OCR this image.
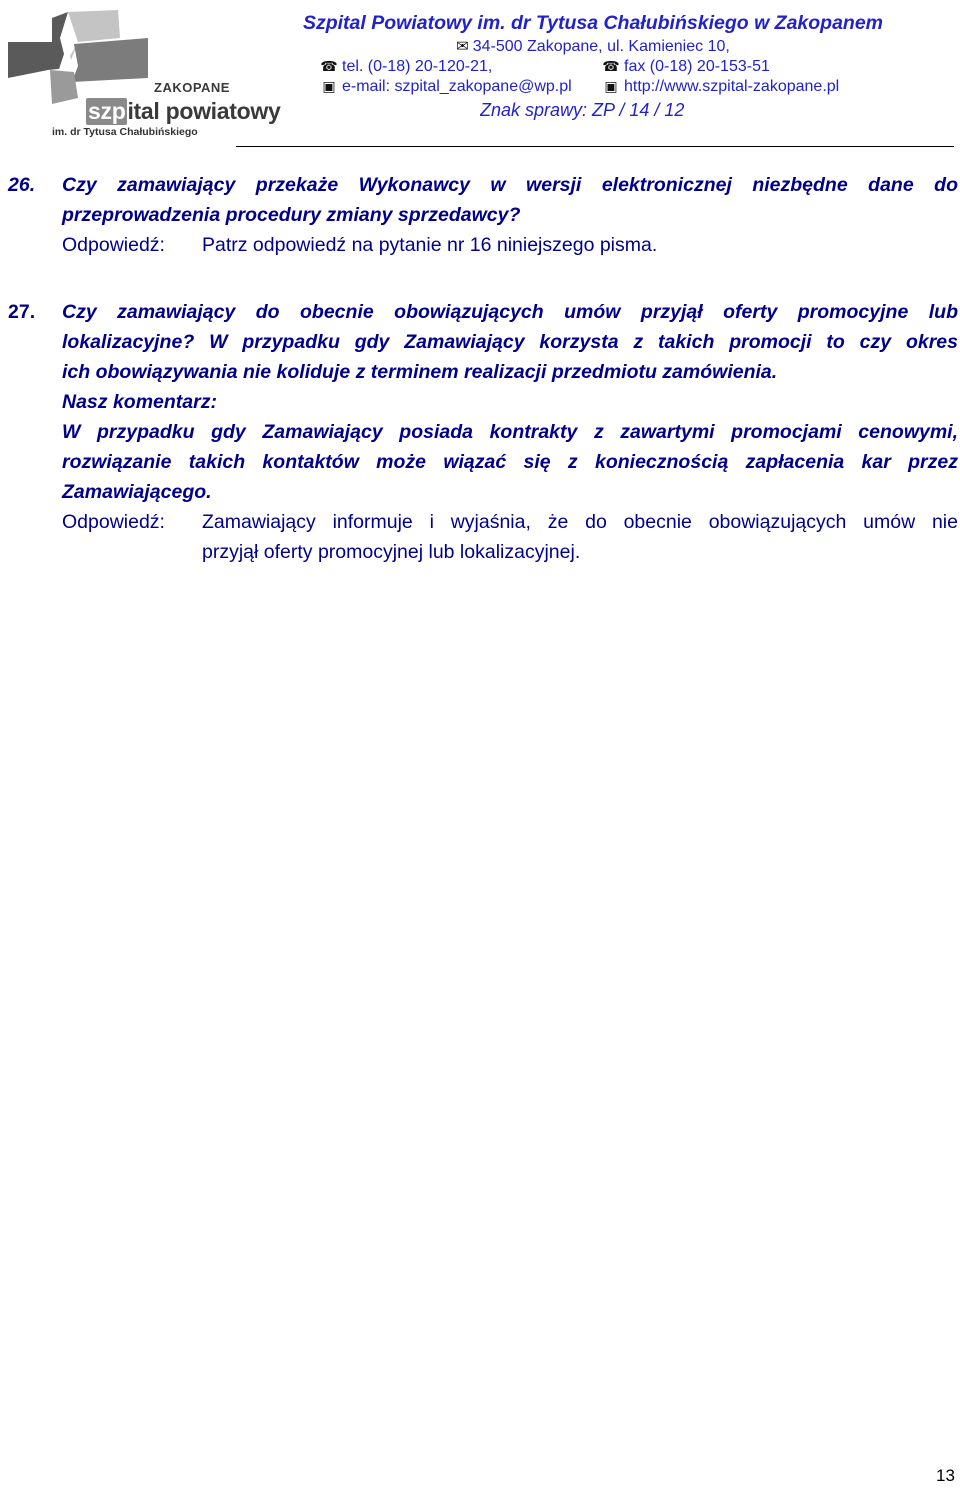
ZAKOPANE
szpital powiatowy
im. dr Tytusa Chałubińskiego
Szpital Powiatowy im. dr Tytusa Chałubińskiego w Zakopanem
✉ 34-500 Zakopane, ul. Kamieniec 10,
☎ tel. (0-18) 20-120-21,	☎ fax (0-18) 20-153-51
▣ e-mail: szpital_zakopane@wp.pl ▣ http://www.szpital-zakopane.pl
Znak sprawy: ZP / 14 / 12
26. Czy zamawiający przekaże Wykonawcy w wersji elektronicznej niezbędne dane do
przeprowadzenia procedury zmiany sprzedawcy?
Odpowiedź: Patrz odpowiedź na pytanie nr 16 niniejszego pisma.
27. Czy zamawiający do obecnie obowiązujących umów przyjął oferty promocyjne lub
lokalizacyjne? W przypadku gdy Zamawiający korzysta z takich promocji to czy okres
ich obowiązywania nie koliduje z terminem realizacji przedmiotu zamówienia.
Nasz komentarz:
W przypadku gdy Zamawiający posiada kontrakty z zawartymi promocjami cenowymi,
rozwiązanie takich kontaktów może wiązać się z koniecznością zapłacenia kar przez
Zamawiającego.
Odpowiedź: Zamawiający informuje i wyjaśnia, że do obecnie obowiązujących umów nie
przyjął oferty promocyjnej lub lokalizacyjnej.
13
